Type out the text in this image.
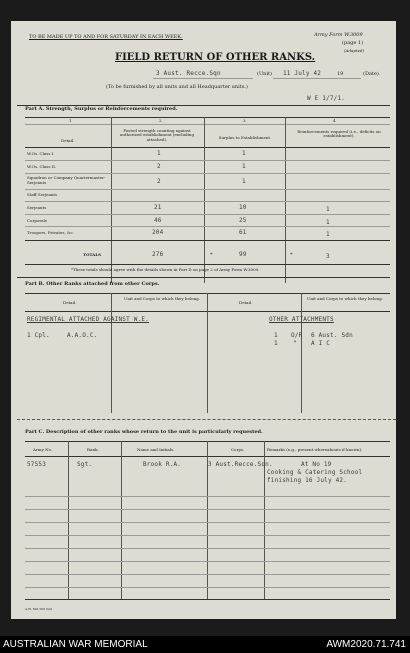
TO BE MADE UP TO AND FOR SATURDAY IN EACH WEEK.	Army Form W.3009
(page 1)
(Adapted)
FIELD RETURN OF OTHER RANKS.
3 Aust. Recce.Sqn	(Unit) 11 July 42	19	(Date).
(To be furnished by all units and all Headquarter units.)
W E 1/7/1.
Part A. Strength, Surplus or Reinforcements required.
1	2	3	4
Detail.
Posted strength counting against authorized establishment (excluding attached).	Surplus to Establishment.
Reinforcements required (i.e., deficits on establishment).
W.Os. Class I	1	1
W.Os. Class II.	2	1
Squadron or Company Quartermaster-Serjeants	2	1
Staff Serjeants
Serjeants	21	10	1
Corporals	46	25	1
Troopers, Privates, &c.	204	61	1
TOTALS	276	*	99	*	3
*These totals should agree with the details shown in Part D on page 2 of Army Form W.3009.
Part B. Other Ranks attached from other Corps.
Detail.
Unit and Corps to which they belong.
Detail.
Unit and Corps to which they belong.
REGIMENTAL ATTACHED AGAINST W.E.
1 Cpl.	A.A.O.C.
OTHER ATTACHMENTS
1 O/R 6 Aust. Sdn
1	" A I C
Part C. Description of other ranks whose return to the unit is particularly requested.
Army No.	Rank.	Name and Initials.	Corps.	Remarks (e.g., present whereabouts if known).
57553	Sgt.	Brook R.A.	3 Aust.Recce.Sqn.	At No 19
Cooking & Catering School
finishing 16 July 42.
A.W. 500.506 5/41
AUSTRALIAN WAR MEMORIAL	AWM2020.71.741
